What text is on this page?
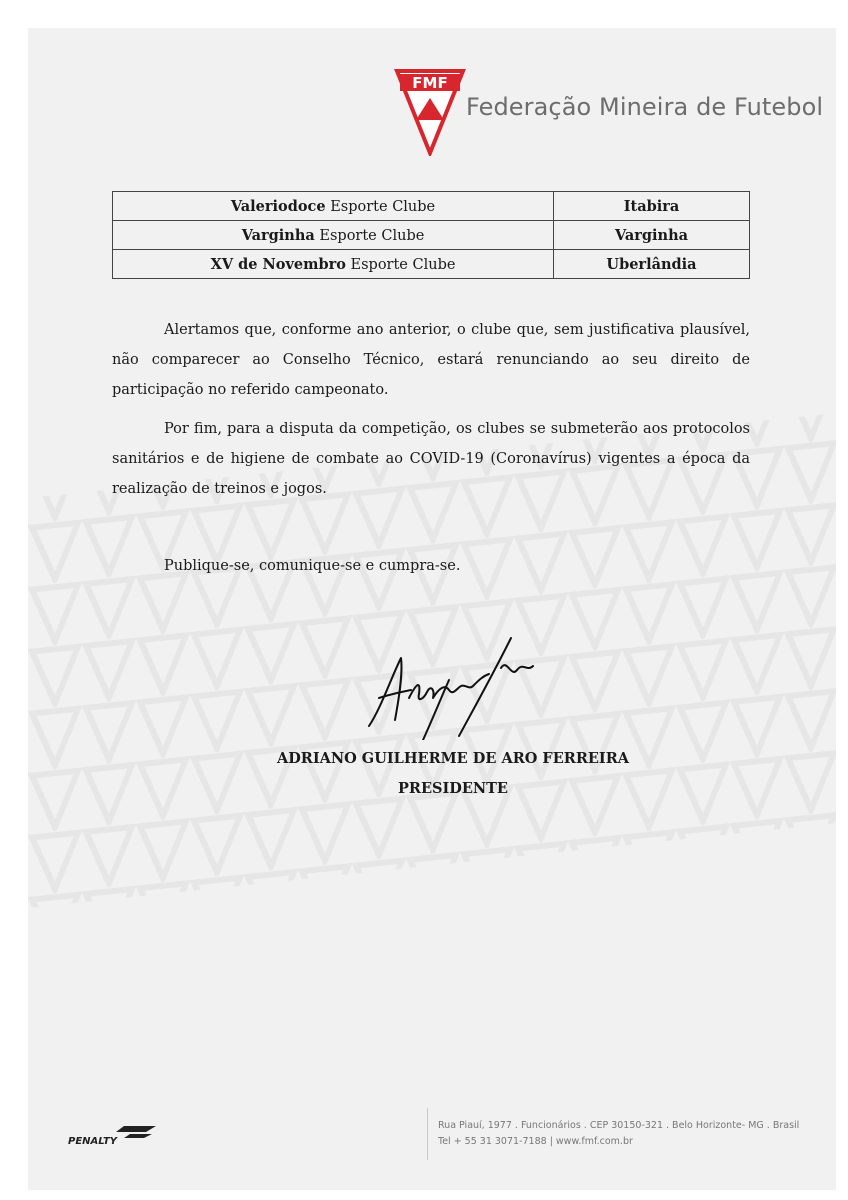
FMF
Federação Mineira de Futebol
Valeriodoce Esporte Clube	Itabira
Varginha Esporte Clube	Varginha
XV de Novembro Esporte Clube	Uberlândia

Alertamos que, conforme ano anterior, o clube que, sem justificativa plausível, não comparecer ao Conselho Técnico, estará renunciando ao seu direito de participação no referido campeonato.

Por fim, para a disputa da competição, os clubes se submeterão aos protocolos sanitários e de higiene de combate ao COVID-19 (Coronavírus) vigentes a época da realização de treinos e jogos.

Publique-se, comunique-se e cumpra-se.

ADRIANO GUILHERME DE ARO FERREIRA
PRESIDENTE
PENALTY
Rua Piauí, 1977 . Funcionários . CEP 30150-321 . Belo Horizonte- MG . Brasil
Tel + 55 31 3071-7188 | www.fmf.com.br
